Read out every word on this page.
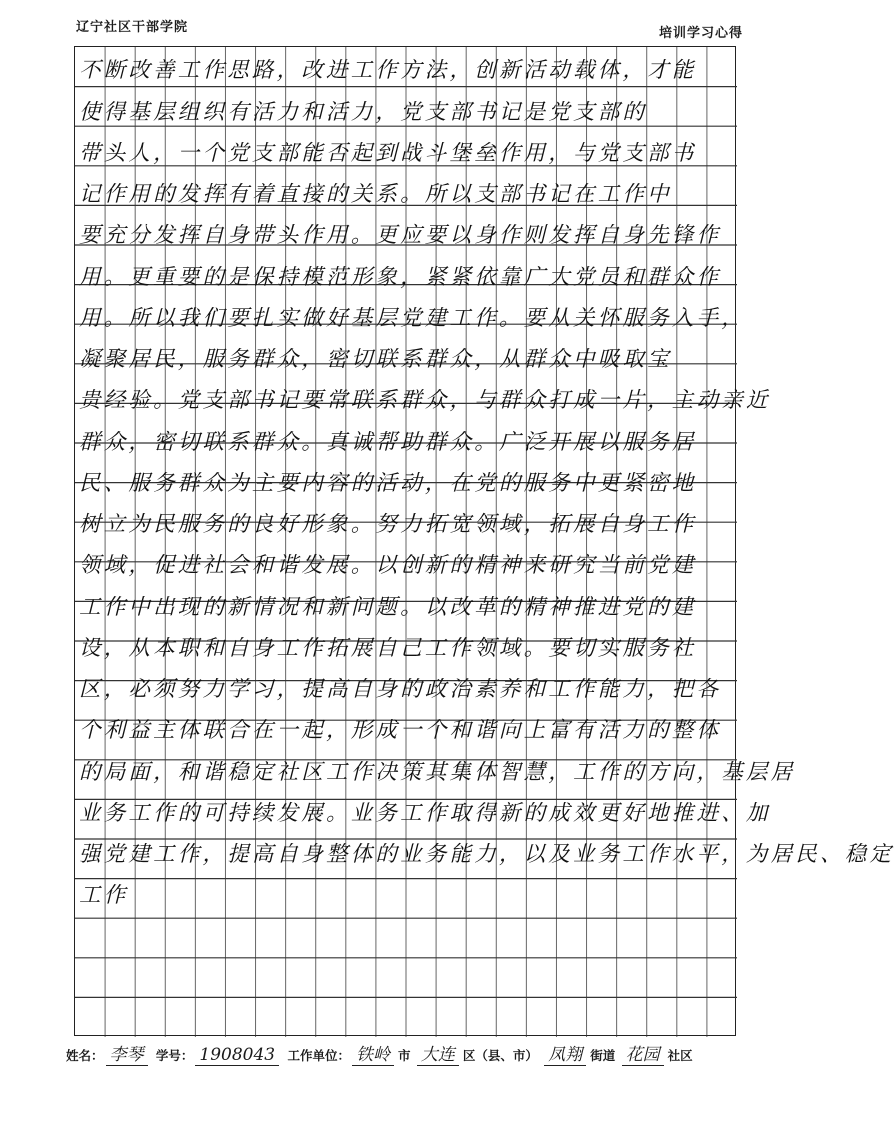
辽宁社区干部学院	培训学习心得
不断改善工作思路，改进工作方法，创新活动载体，才能
使得基层组织有活力和活力，党支部书记是党支部的
带头人，一个党支部能否起到战斗堡垒作用，与党支部书
记作用的发挥有着直接的关系。所以支部书记在工作中
要充分发挥自身带头作用。更应要以身作则发挥自身先锋作
用。更重要的是保持模范形象，紧紧依靠广大党员和群众作
用。所以我们要扎实做好基层党建工作。要从关怀服务入手，
凝聚居民，服务群众，密切联系群众，从群众中吸取宝
贵经验。党支部书记要常联系群众，与群众打成一片，主动亲近
群众，密切联系群众。真诚帮助群众。广泛开展以服务居
民、服务群众为主要内容的活动，在党的服务中更紧密地
树立为民服务的良好形象。努力拓宽领域，拓展自身工作
领域，促进社会和谐发展。以创新的精神来研究当前党建
工作中出现的新情况和新问题。以改革的精神推进党的建
设，从本职和自身工作拓展自己工作领域。要切实服务社
区，必须努力学习，提高自身的政治素养和工作能力，把各
个利益主体联合在一起，形成一个和谐向上富有活力的整体
的局面，和谐稳定社区工作决策其集体智慧，工作的方向，基层居
业务工作的可持续发展。业务工作取得新的成效更好地推进、加
强党建工作，提高自身整体的业务能力，以及业务工作水平，为居民、稳定
工作
姓名： 李琴 学号： 1908043 工作单位： 铁岭 市 大连 区（县、市） 凤翔 街道 花园 社区
